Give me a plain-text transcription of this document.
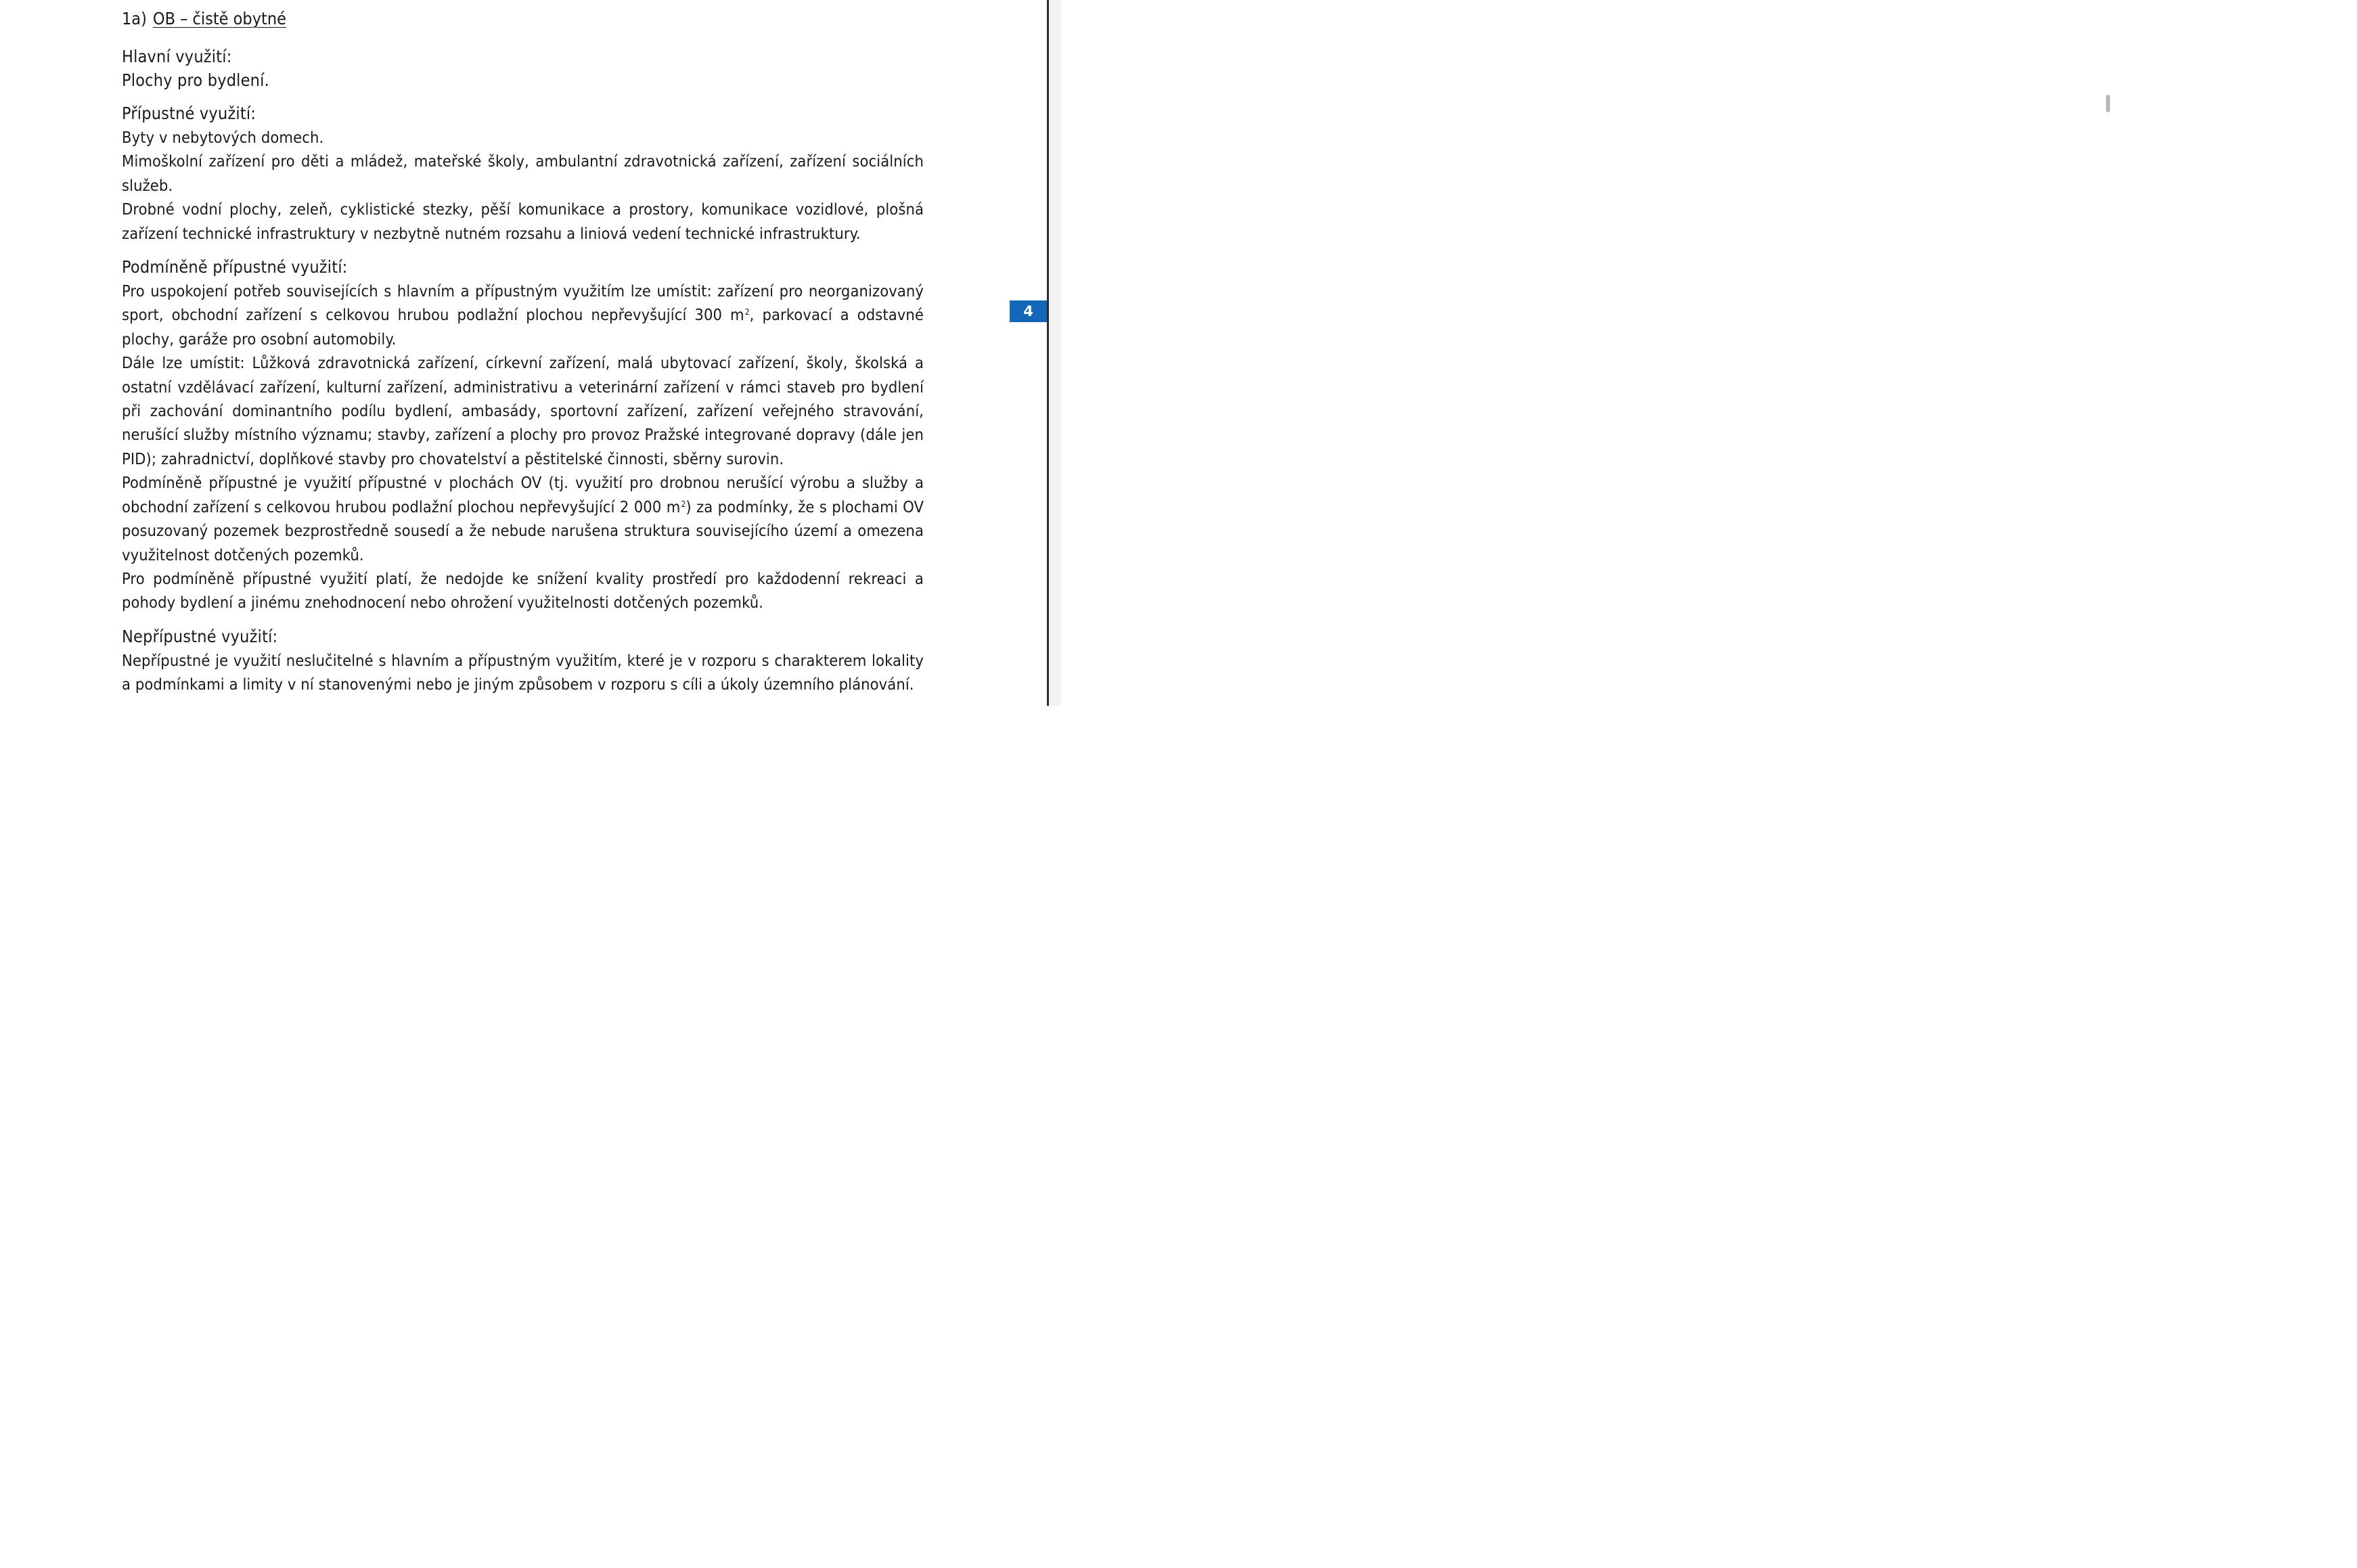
1a) OB – čistě obytné

Hlavní využití:

Plochy pro bydlení.

Přípustné využití:

Byty v nebytových domech.

Mimoškolní zařízení pro děti a mládež, mateřské školy, ambulantní zdravotnická zařízení, zařízení sociálních služeb.

Drobné vodní plochy, zeleň, cyklistické stezky, pěší komunikace a prostory, komunikace vozidlové, plošná zařízení technické infrastruktury v nezbytně nutném rozsahu a liniová vedení technické infrastruktury.

Podmíněně přípustné využití:

Pro uspokojení potřeb souvisejících s hlavním a přípustným využitím lze umístit: zařízení pro neorganizovaný sport, obchodní zařízení s celkovou hrubou podlažní plochou nepřevyšující 300 $m^2$, parkovací a odstavné plochy, garáže pro osobní automobily.

Dále lze umístit: Lůžková zdravotnická zařízení, církevní zařízení, malá ubytovací zařízení, školy, školská a ostatní vzdělávací zařízení, kulturní zařízení, administrativu a veterinární zařízení v rámci staveb pro bydlení při zachování dominantního podílu bydlení, ambasády, sportovní zařízení, zařízení veřejného stravování, nerušící služby místního významu; stavby, zařízení a plochy pro provoz Pražské integrované dopravy (dále jen PID); zahradnictví, doplňkové stavby pro chovatelství a pěstitelské činnosti, sběrny surovin.

Podmíněně přípustné je využití přípustné v plochách OV (tj. využití pro drobnou nerušící výrobu a služby a obchodní zařízení s celkovou hrubou podlažní plochou nepřevyšující 2 000 $m^2$) za podmínky, že s plochami OV posuzovaný pozemek bezprostředně sousedí a že nebude narušena struktura souvisejícího území a omezena využitelnost dotčených pozemků.

Pro podmíněně přípustné využití platí, že nedojde ke snížení kvality prostředí pro každodenní rekreaci a pohody bydlení a jinému znehodnocení nebo ohrožení využitelnosti dotčených pozemků.

Nepřípustné využití:

Nepřípustné je využití neslučitelné s hlavním a přípustným využitím, které je v rozporu s charakterem lokality a podmínkami a limity v ní stanovenými nebo je jiným způsobem v rozporu s cíli a úkoly územního plánování.

4
